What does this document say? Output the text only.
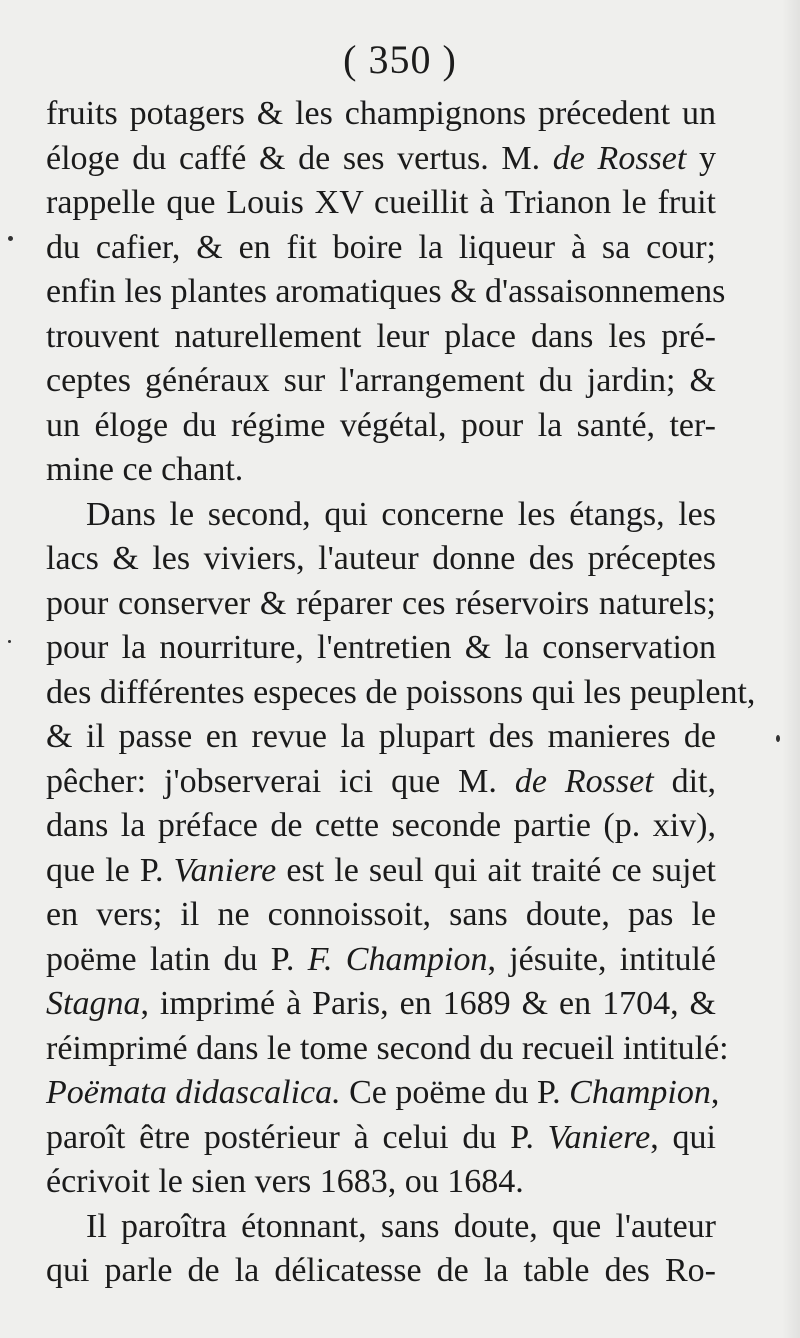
( 350 )
fruits potagers & les champignons précedent un
éloge du caffé & de ses vertus. M. de Rosset y
rappelle que Louis XV cueillit à Trianon le fruit
du cafier, & en fit boire la liqueur à sa cour;
enfin les plantes aromatiques & d'assaisonnemens
trouvent naturellement leur place dans les pré-
ceptes généraux sur l'arrangement du jardin; &
un éloge du régime végétal, pour la santé, ter-
mine ce chant.
Dans le second, qui concerne les étangs, les
lacs & les viviers, l'auteur donne des préceptes
pour conserver & réparer ces réservoirs naturels;
pour la nourriture, l'entretien & la conservation
des différentes especes de poissons qui les peuplent,
& il passe en revue la plupart des manieres de
pêcher: j'observerai ici que M. de Rosset dit,
dans la préface de cette seconde partie (p. xiv),
que le P. Vaniere est le seul qui ait traité ce sujet
en vers; il ne connoissoit, sans doute, pas le
poëme latin du P. F. Champion, jésuite, intitulé
Stagna, imprimé à Paris, en 1689 & en 1704, &
réimprimé dans le tome second du recueil intitulé:
Poëmata didascalica. Ce poëme du P. Champion,
paroît être postérieur à celui du P. Vaniere, qui
écrivoit le sien vers 1683, ou 1684.
Il paroîtra étonnant, sans doute, que l'auteur
qui parle de la délicatesse de la table des Ro-
